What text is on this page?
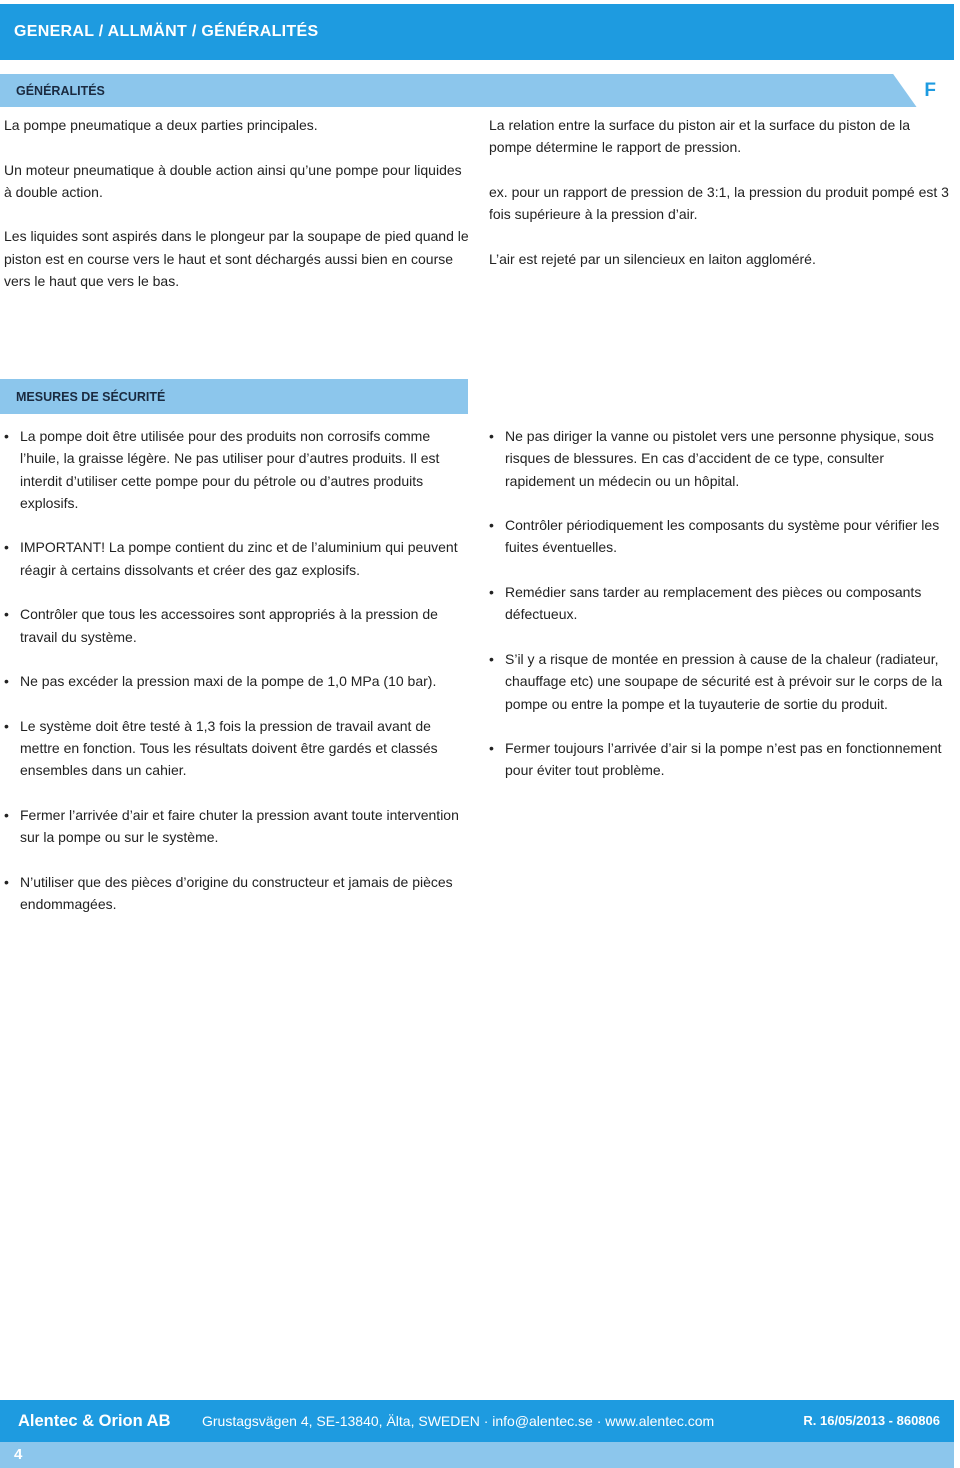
GENERAL / ALLMÄNT / GÉNÉRALITÉS
GÉNÉRALITÉS	F

La pompe pneumatique a deux parties principales.

Un moteur pneumatique à double action ainsi qu’une pompe pour liquides à double action.

Les liquides sont aspirés dans le plongeur par la soupape de pied quand le piston est en course vers le haut et sont déchargés aussi bien en course vers le haut que vers le bas.

La relation entre la surface du piston air et la surface du piston de la pompe détermine le rapport de pression.

ex. pour un rapport de pression de 3:1, la pression du produit pompé est 3 fois supérieure à la pression d’air.

L’air est rejeté par un silencieux en laiton aggloméré.

MESURES DE SÉCURITÉ
• La pompe doit être utilisée pour des produits non corrosifs comme l’huile, la graisse légère. Ne pas utiliser pour d’autres produits. Il est interdit d’utiliser cette pompe pour du pétrole ou d’autres produits explosifs.
• IMPORTANT! La pompe contient du zinc et de l’aluminium qui peuvent réagir à certains dissolvants et créer des gaz explosifs.
• Contrôler que tous les accessoires sont appropriés à la pression de travail du système.
• Ne pas excéder la pression maxi de la pompe de 1,0 MPa (10 bar).
• Le système doit être testé à 1,3 fois la pression de travail avant de mettre en fonction. Tous les résultats doivent être gardés et classés ensembles dans un cahier.
• Fermer l’arrivée d’air et faire chuter la pression avant toute intervention sur la pompe ou sur le système.
• N’utiliser que des pièces d’origine du constructeur et jamais de pièces endommagées.
• Ne pas diriger la vanne ou pistolet vers une personne physique, sous risques de blessures. En cas d’accident de ce type, consulter rapidement un médecin ou un hôpital.
• Contrôler périodiquement les composants du système pour vérifier les fuites éventuelles.
• Remédier sans tarder au remplacement des pièces ou composants défectueux.
• S’il y a risque de montée en pression à cause de la chaleur (radiateur, chauffage etc) une soupape de sécurité est à prévoir sur le corps de la pompe ou entre la pompe et la tuyauterie de sortie du produit.
• Fermer toujours l’arrivée d’air si la pompe n’est pas en fonctionnement pour éviter tout problème.
Alentec & Orion AB Grustagsvägen 4, SE-13840, Älta, SWEDEN · info@alentec.se · www.alentec.com	R. 16/05/2013 - 860806
4
